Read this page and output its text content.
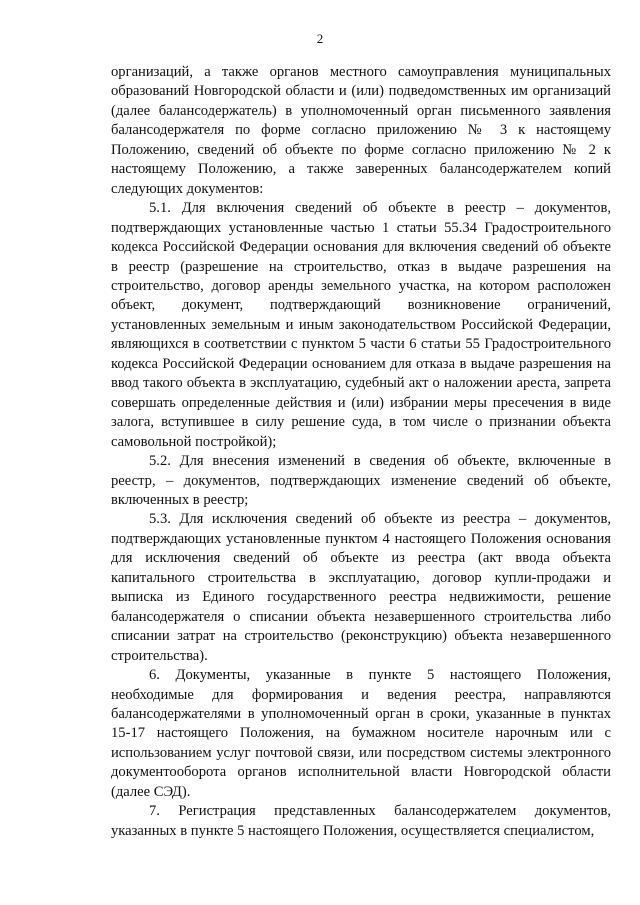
2

организаций, а также органов местного самоуправления муниципальных образований Новгородской области и (или) подведомственных им организаций (далее балансодержатель) в уполномоченный орган письменного заявления балансодержателя по форме согласно приложению № 3 к настоящему Положению, сведений об объекте по форме согласно приложению № 2 к настоящему Положению, а также заверенных балансодержателем копий следующих документов:

5.1. Для включения сведений об объекте в реестр – документов, подтверждающих установленные частью 1 статьи 55.34 Градостроительного кодекса Российской Федерации основания для включения сведений об объекте в реестр (разрешение на строительство, отказ в выдаче разрешения на строительство, договор аренды земельного участка, на котором расположен объект, документ, подтверждающий возникновение ограничений, установленных земельным и иным законодательством Российской Федерации, являющихся в соответствии с пунктом 5 части 6 статьи 55 Градостроительного кодекса Российской Федерации основанием для отказа в выдаче разрешения на ввод такого объекта в эксплуатацию, судебный акт о наложении ареста, запрета совершать определенные действия и (или) избрании меры пресечения в виде залога, вступившее в силу решение суда, в том числе о признании объекта самовольной постройкой);

5.2. Для внесения изменений в сведения об объекте, включенные в реестр, – документов, подтверждающих изменение сведений об объекте, включенных в реестр;

5.3. Для исключения сведений об объекте из реестра – документов, подтверждающих установленные пунктом 4 настоящего Положения основания для исключения сведений об объекте из реестра (акт ввода объекта капитального строительства в эксплуатацию, договор купли-продажи и выписка из Единого государственного реестра недвижимости, решение балансодержателя о списании объекта незавершенного строительства либо списании затрат на строительство (реконструкцию) объекта незавершенного строительства).

6. Документы, указанные в пункте 5 настоящего Положения, необходимые для формирования и ведения реестра, направляются балансодержателями в уполномоченный орган в сроки, указанные в пунктах 15-17 настоящего Положения, на бумажном носителе нарочным или с использованием услуг почтовой связи, или посредством системы электронного документооборота органов исполнительной власти Новгородской области (далее СЭД).

7. Регистрация представленных балансодержателем документов, указанных в пункте 5 настоящего Положения, осуществляется специалистом,
